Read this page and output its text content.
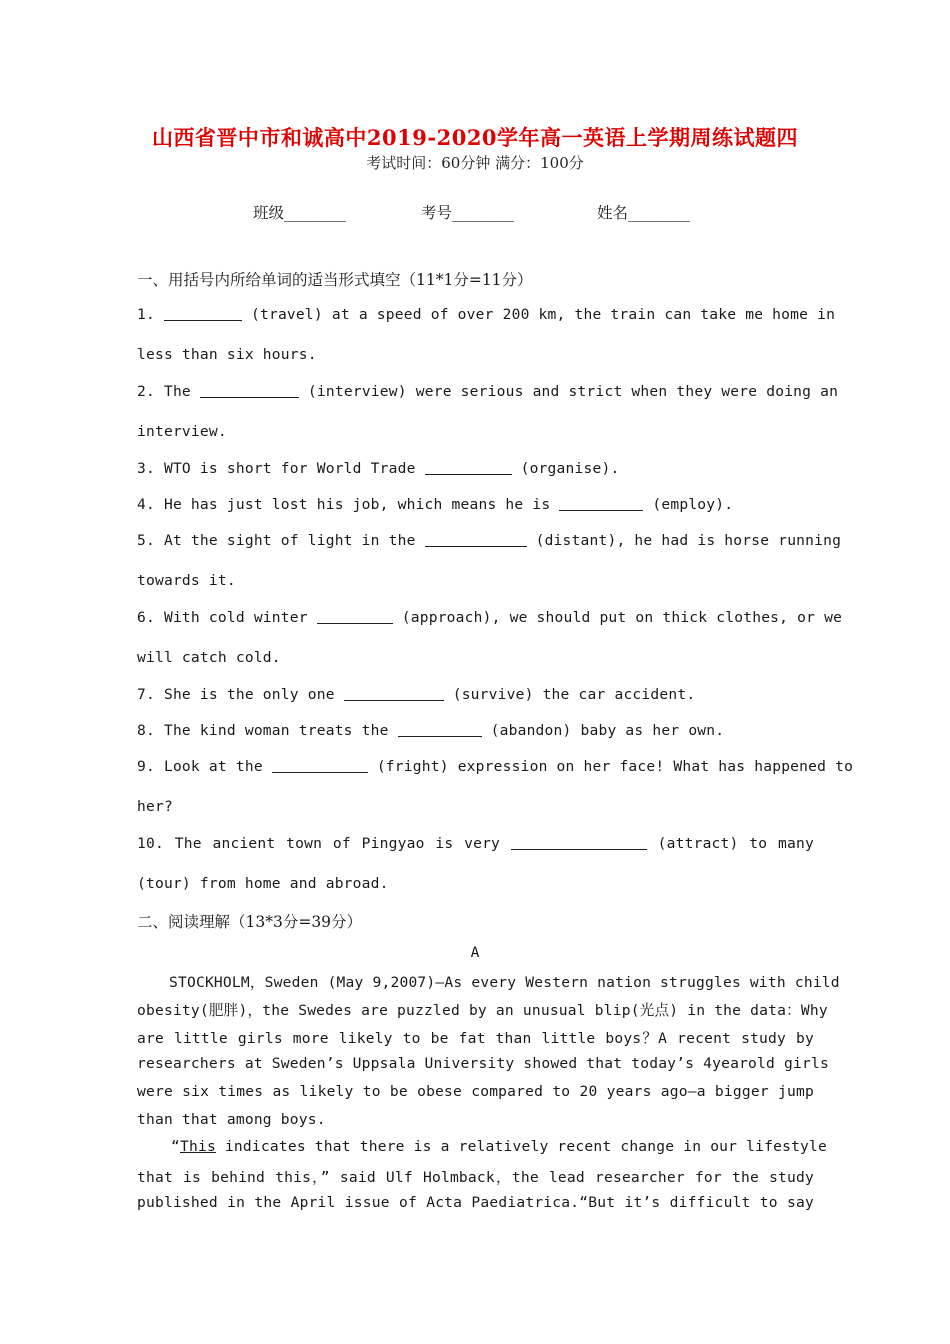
山西省晋中市和诚高中2019-2020学年高一英语上学期周练试题四
考试时间：60分钟 满分：100分
班级________	考号________	姓名________
一、用括号内所给单词的适当形式填空（11*1分=11分）
1.	(travel) at a speed of over 200 km, the train can take me home in
less than six hours.
2. The	(interview) were serious and strict when they were doing an
interview.
3. WTO is short for World Trade	(organise).
4. He has just lost his job, which means he is	(employ).
5. At the sight of light in the	(distant), he had is horse running
towards it.
6. With cold winter	(approach), we should put on thick clothes, or we
will catch cold.
7. She is the only one	(survive) the car accident.
8. The kind woman treats the	(abandon) baby as her own.
9. Look at the	(fright) expression on her face! What has happened to
her?
10. The ancient town of Pingyao is very	(attract) to many
(tour) from home and abroad.
二、阅读理解（13*3分=39分）
A
STOCKHOLM，Sweden (May 9,2007)—As every Western nation struggles with child
obesity(肥胖)，the Swedes are puzzled by an unusual blip(光点) in the data：Why
are little girls more likely to be fat than little boys？A recent study by
researchers at Sweden’s Uppsala University showed that today’s 4yearold girls
were six times as likely to be obese compared to 20 years ago—a bigger jump
than that among boys.
“This indicates that there is a relatively recent change in our lifestyle
that is behind this，” said Ulf Holmback，the lead researcher for the study
published in the April issue of Acta Paediatrica.“But it’s difficult to say
